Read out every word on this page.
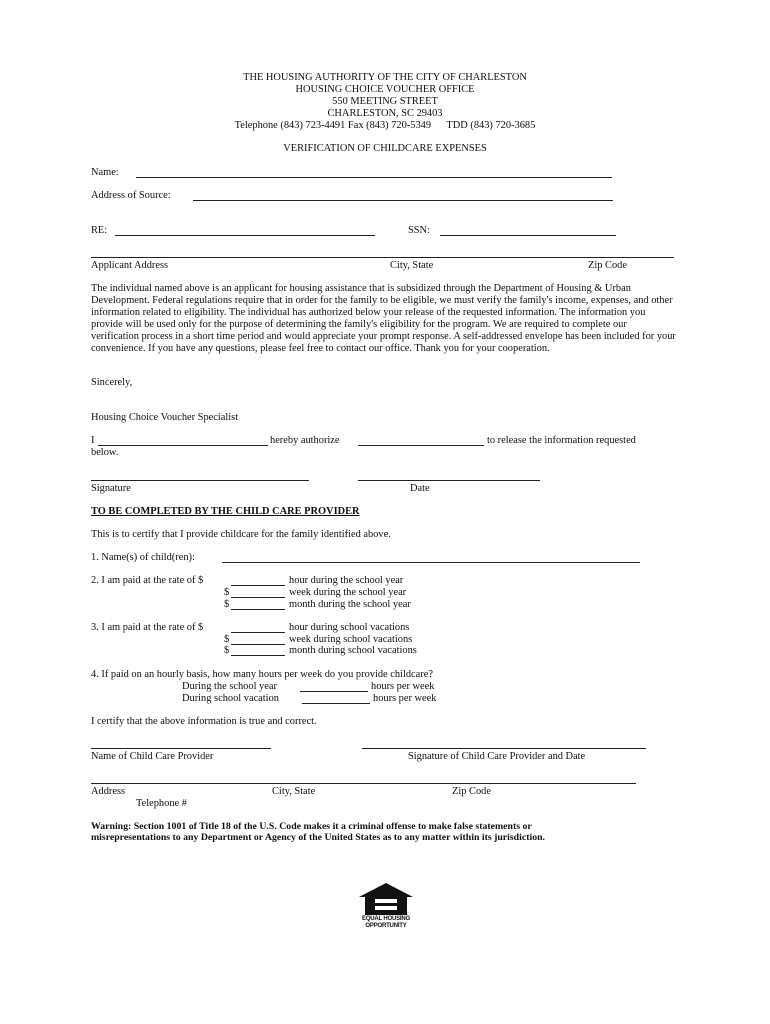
THE HOUSING AUTHORITY OF THE CITY OF CHARLESTON
HOUSING CHOICE VOUCHER OFFICE
550 MEETING STREET
CHARLESTON, SC 29403
Telephone (843) 723-4491 Fax (843) 720-5349      TDD (843) 720-3685
VERIFICATION OF CHILDCARE EXPENSES
Name:
Address of Source:
RE:	SSN:
Applicant Address	City, State	Zip Code
The individual named above is an applicant for housing assistance that is subsidized through the Department of Housing & Urban Development. Federal regulations require that in order for the family to be eligible, we must verify the family's income, expenses, and other information related to eligibility. The individual has authorized below your release of the requested information. The information you provide will be used only for the purpose of determining the family's eligibility for the program. We are required to complete our verification process in a short time period and would appreciate your prompt response. A self-addressed envelope has been included for your convenience. If you have any questions, please feel free to contact our office. Thank you for your cooperation.
Sincerely,
Housing Choice Voucher Specialist
I	hereby authorize	to release the information requested
below.
Signature	Date
TO BE COMPLETED BY THE CHILD CARE PROVIDER
This is to certify that I provide childcare for the family identified above.
1. Name(s) of child(ren):
2. I am paid at the rate of $	hour during the school year
$	week during the school year
$	month during the school year
3. I am paid at the rate of $	hour during school vacations
$	week during school vacations
$	month during school vacations
4. If paid on an hourly basis, how many hours per week do you provide childcare?
During the school year	hours per week
During school vacation	hours per week
I certify that the above information is true and correct.
Name of Child Care Provider	Signature of Child Care Provider and Date
Address	City, State	Zip Code
Telephone #
Warning: Section 1001 of Title 18 of the U.S. Code makes it a criminal offense to make false statements or
misrepresentations to any Department or Agency of the United States as to any matter within its jurisdiction.
EQUAL HOUSING
OPPORTUNITY
